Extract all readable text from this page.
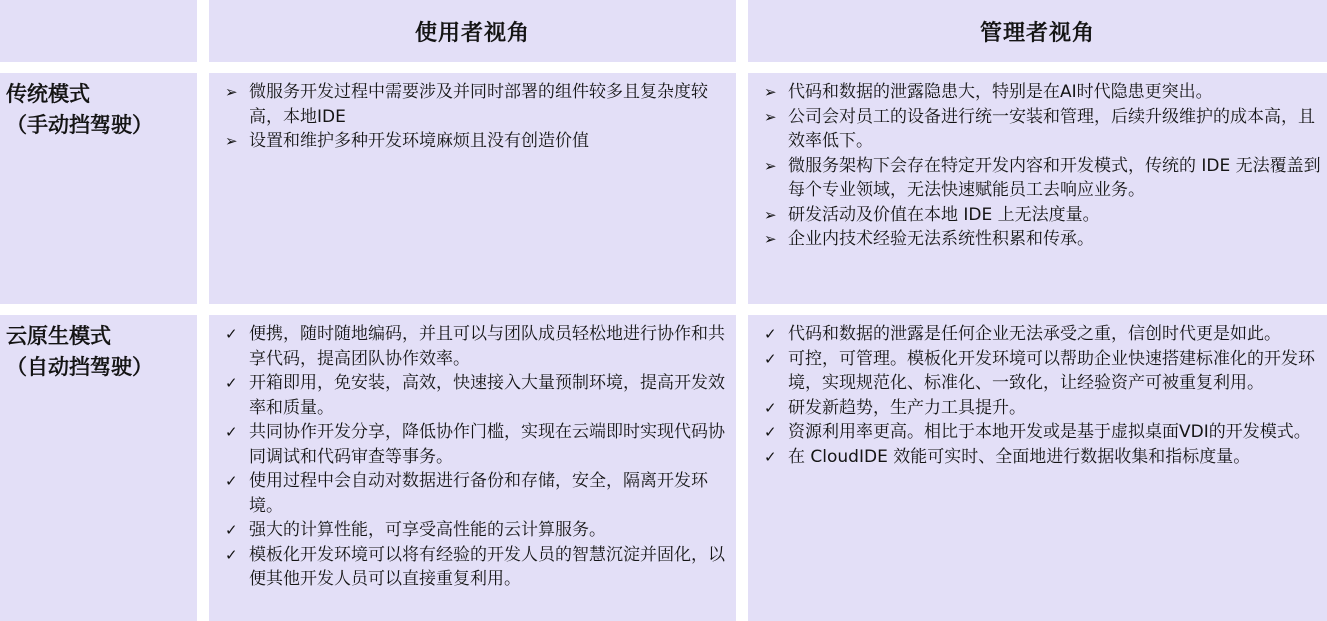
使用者视角	管理者视角
传统模式
（手动挡驾驶）
➢ 微服务开发过程中需要涉及并同时部署的组件较多且复杂度较高，本地IDE
➢ 设置和维护多种开发环境麻烦且没有创造价值
➢ 代码和数据的泄露隐患大，特别是在AI时代隐患更突出。
➢ 公司会对员工的设备进行统一安装和管理，后续升级维护的成本高，且效率低下。
➢ 微服务架构下会存在特定开发内容和开发模式，传统的 IDE 无法覆盖到每个专业领域，无法快速赋能员工去响应业务。
➢ 研发活动及价值在本地 IDE 上无法度量。
➢ 企业内技术经验无法系统性积累和传承。
云原生模式
（自动挡驾驶）
✓ 便携，随时随地编码，并且可以与团队成员轻松地进行协作和共享代码，提高团队协作效率。
✓ 开箱即用，免安装，高效，快速接入大量预制环境，提高开发效率和质量。
✓ 共同协作开发分享，降低协作门槛，实现在云端即时实现代码协同调试和代码审查等事务。
✓ 使用过程中会自动对数据进行备份和存储，安全，隔离开发环境。
✓ 强大的计算性能，可享受高性能的云计算服务。
✓ 模板化开发环境可以将有经验的开发人员的智慧沉淀并固化，以便其他开发人员可以直接重复利用。
✓ 代码和数据的泄露是任何企业无法承受之重，信创时代更是如此。
✓ 可控，可管理。模板化开发环境可以帮助企业快速搭建标准化的开发环境，实现规范化、标准化、一致化，让经验资产可被重复利用。
✓ 研发新趋势，生产力工具提升。
✓ 资源利用率更高。相比于本地开发或是基于虚拟桌面VDI的开发模式。
✓ 在 CloudIDE 效能可实时、全面地进行数据收集和指标度量。
